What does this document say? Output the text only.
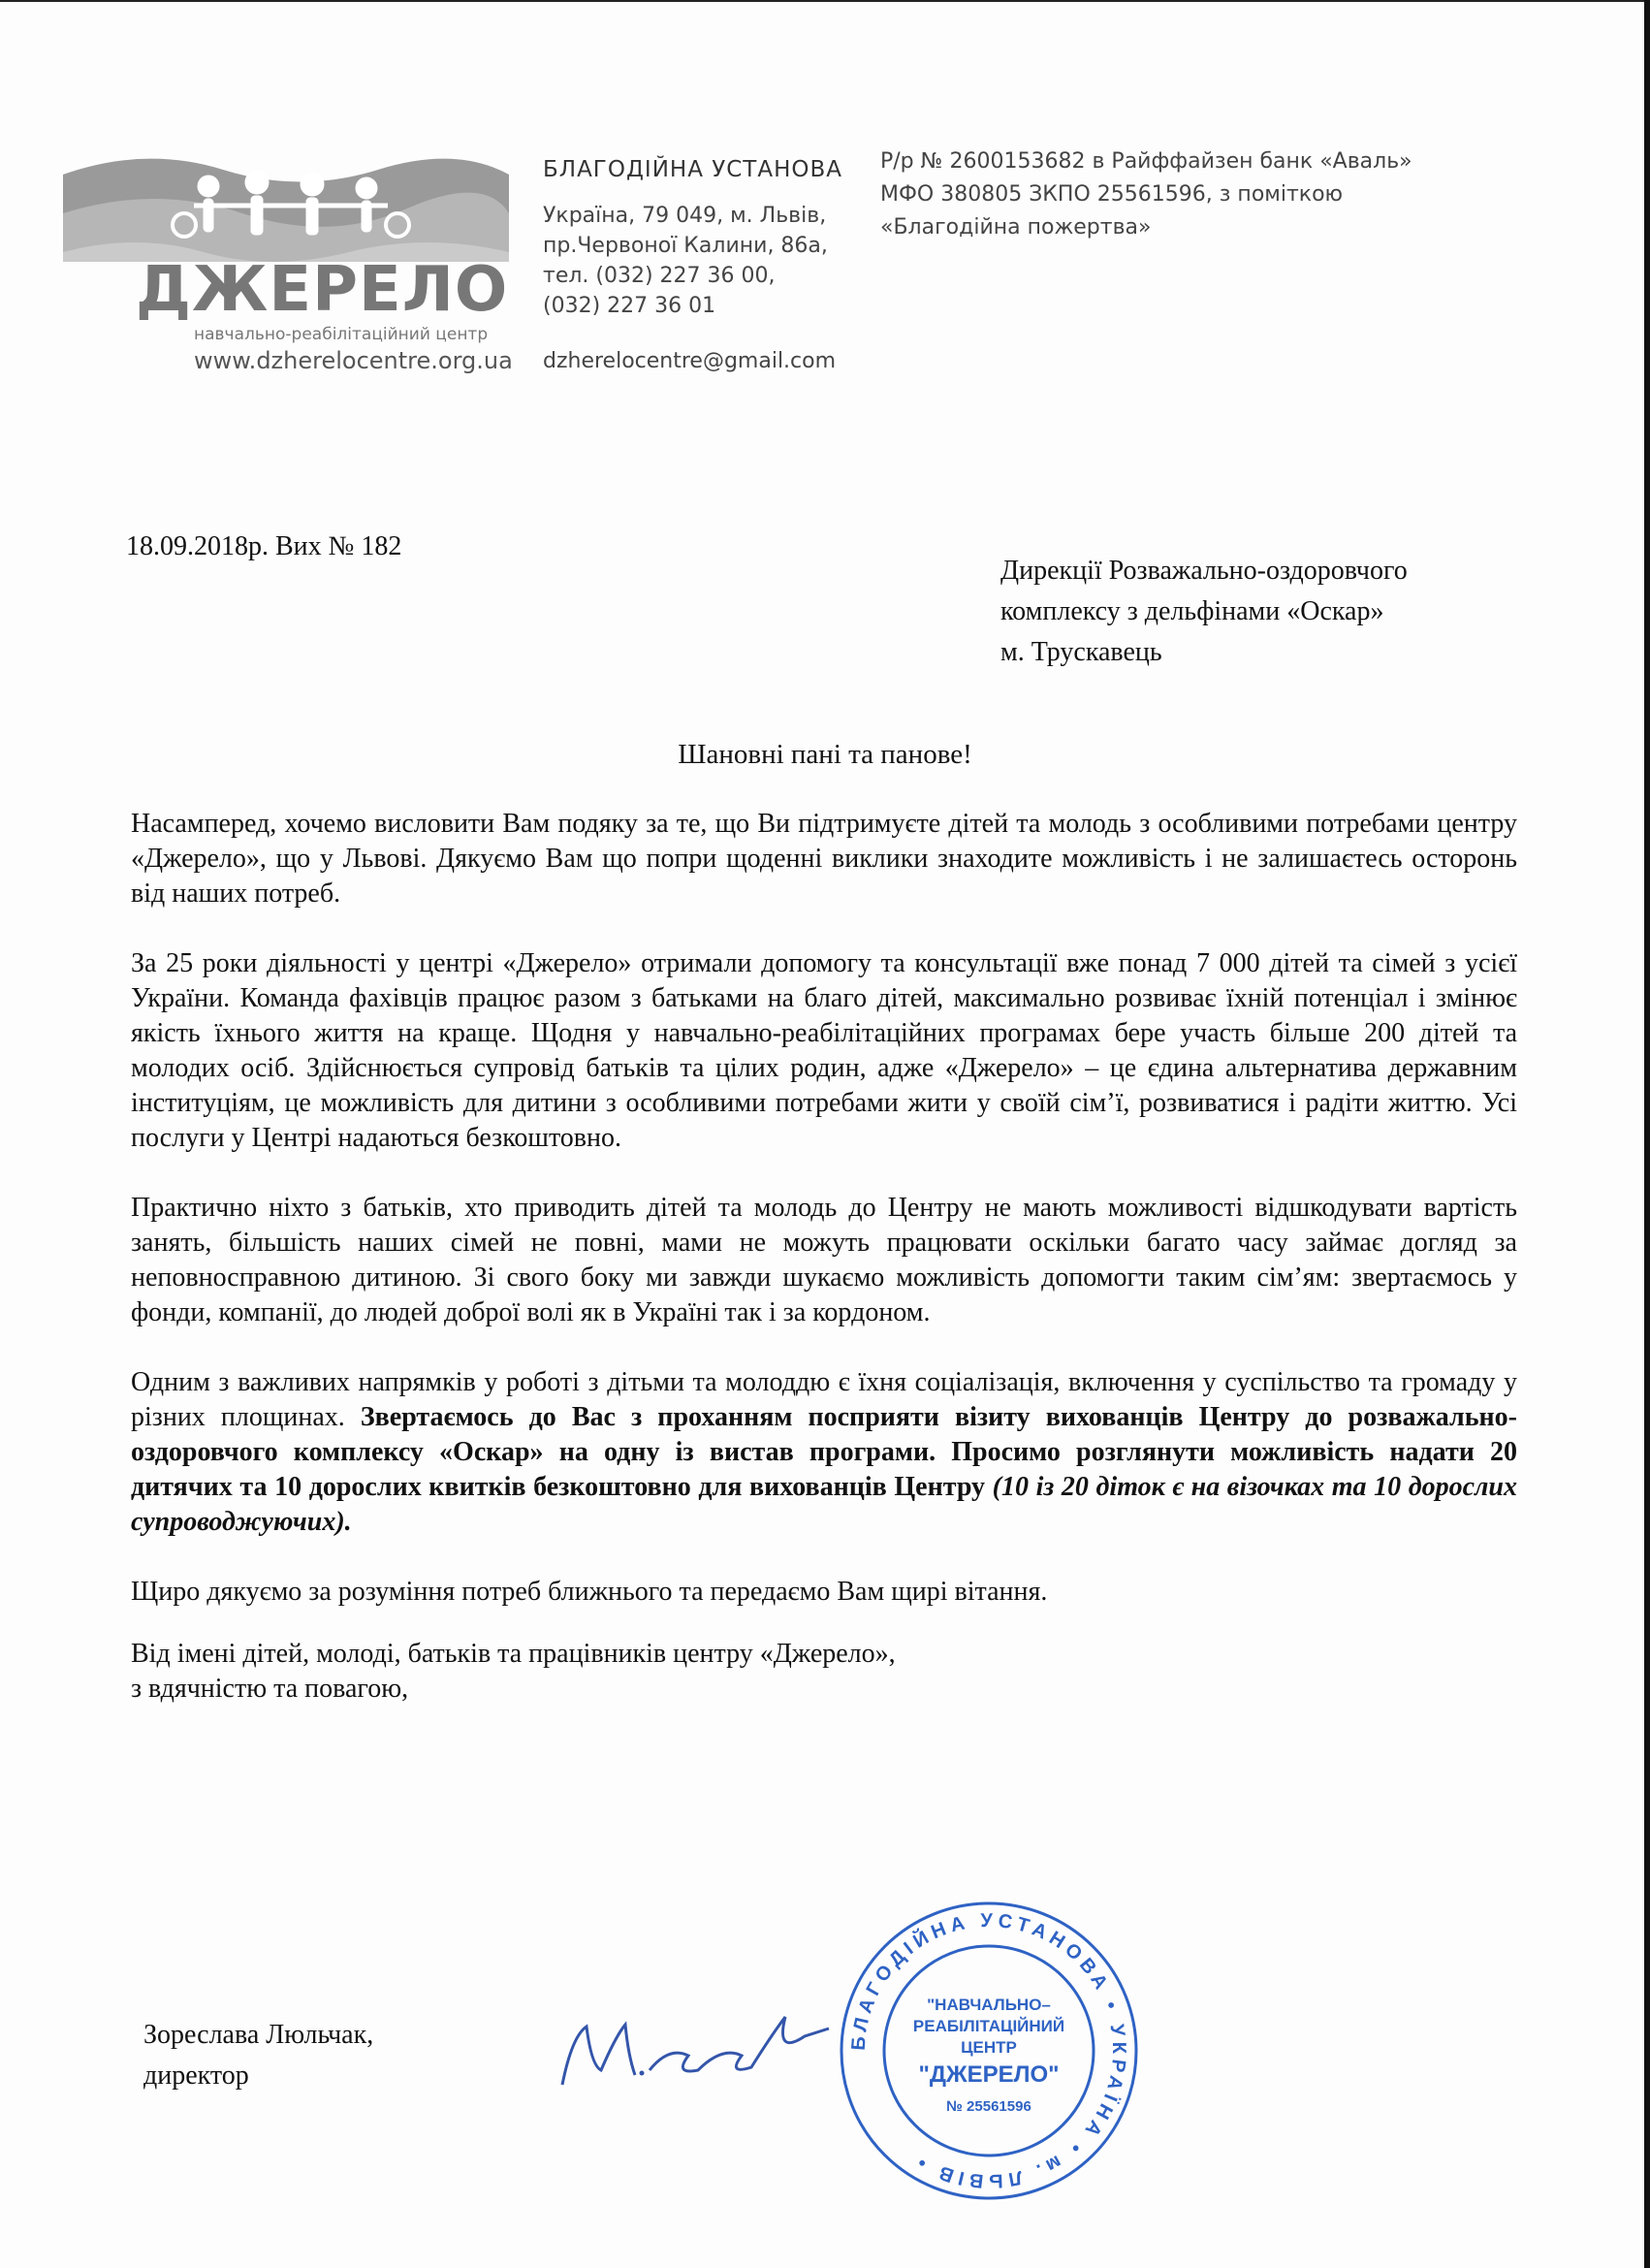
ДЖЕРЕЛО
навчально-реабілітаційний центр
www.dzherelocentre.org.ua
БЛАГОДІЙНА УСТАНОВА
Україна, 79 049, м. Львів,
пр.Червоної Калини, 86а,
тел. (032) 227 36 00,
(032) 227 36 01
dzherelocentre@gmail.com
Р/р № 2600153682 в Райффайзен банк «Аваль»
МФО 380805 ЗКПО 25561596, з поміткою
«Благодійна пожертва»
18.09.2018р. Вих № 182
Дирекції Розважально-оздоровчого
комплексу з дельфінами «Оскар»
м. Трускавець
Шановні пані та панове!

Насамперед, хочемо висловити Вам подяку за те, що Ви підтримуєте дітей та молодь з особливими потребами центру «Джерело», що у Львові. Дякуємо Вам що попри щоденні виклики знаходите можливість і не залишаєтесь осторонь від наших потреб.

За 25 роки діяльності у центрі «Джерело» отримали допомогу та консультації вже понад 7 000 дітей та сімей з усієї України. Команда фахівців працює разом з батьками на благо дітей, максимально розвиває їхній потенціал і змінює якість їхнього життя на краще. Щодня у навчально-реабілітаційних програмах бере участь більше 200 дітей та молодих осіб. Здійснюється супровід батьків та цілих родин, адже «Джерело» – це єдина альтернатива державним інституціям, це можливість для дитини з особливими потребами жити у своїй сім’ї, розвиватися і радіти життю. Усі послуги у Центрі надаються безкоштовно.

Практично ніхто з батьків, хто приводить дітей та молодь до Центру не мають можливості відшкодувати вартість занять, більшість наших сімей не повні, мами не можуть працювати оскільки багато часу займає догляд за неповносправною дитиною. Зі свого боку ми завжди шукаємо можливість допомогти таким сім’ям: звертаємось у фонди, компанії, до людей доброї волі як в Україні так і за кордоном.

Одним з важливих напрямків у роботі з дітьми та молоддю є їхня соціалізація, включення у суспільство та громаду у різних площинах. Звертаємось до Вас з проханням посприяти візиту вихованців Центру до розважально-оздоровчого комплексу «Оскар» на одну із вистав програми. Просимо розглянути можливість надати 20 дитячих та 10 дорослих квитків безкоштовно для вихованців Центру (10 із 20 діток є на візочках та 10 дорослих супроводжуючих).

Щиро дякуємо за розуміння потреб ближнього та передаємо Вам щирі вітання.

Від імені дітей, молоді, батьків та працівників центру «Джерело»,
з вдячністю та повагою,
Зореслава Люльчак,
директор
БЛАГОДІЙНА УСТАНОВА • УКРАЇНА • м. ЛЬВІВ •
"НАВЧАЛЬНО–
РЕАБІЛІТАЦІЙНИЙ
ЦЕНТР
"ДЖЕРЕЛО"
№ 25561596
